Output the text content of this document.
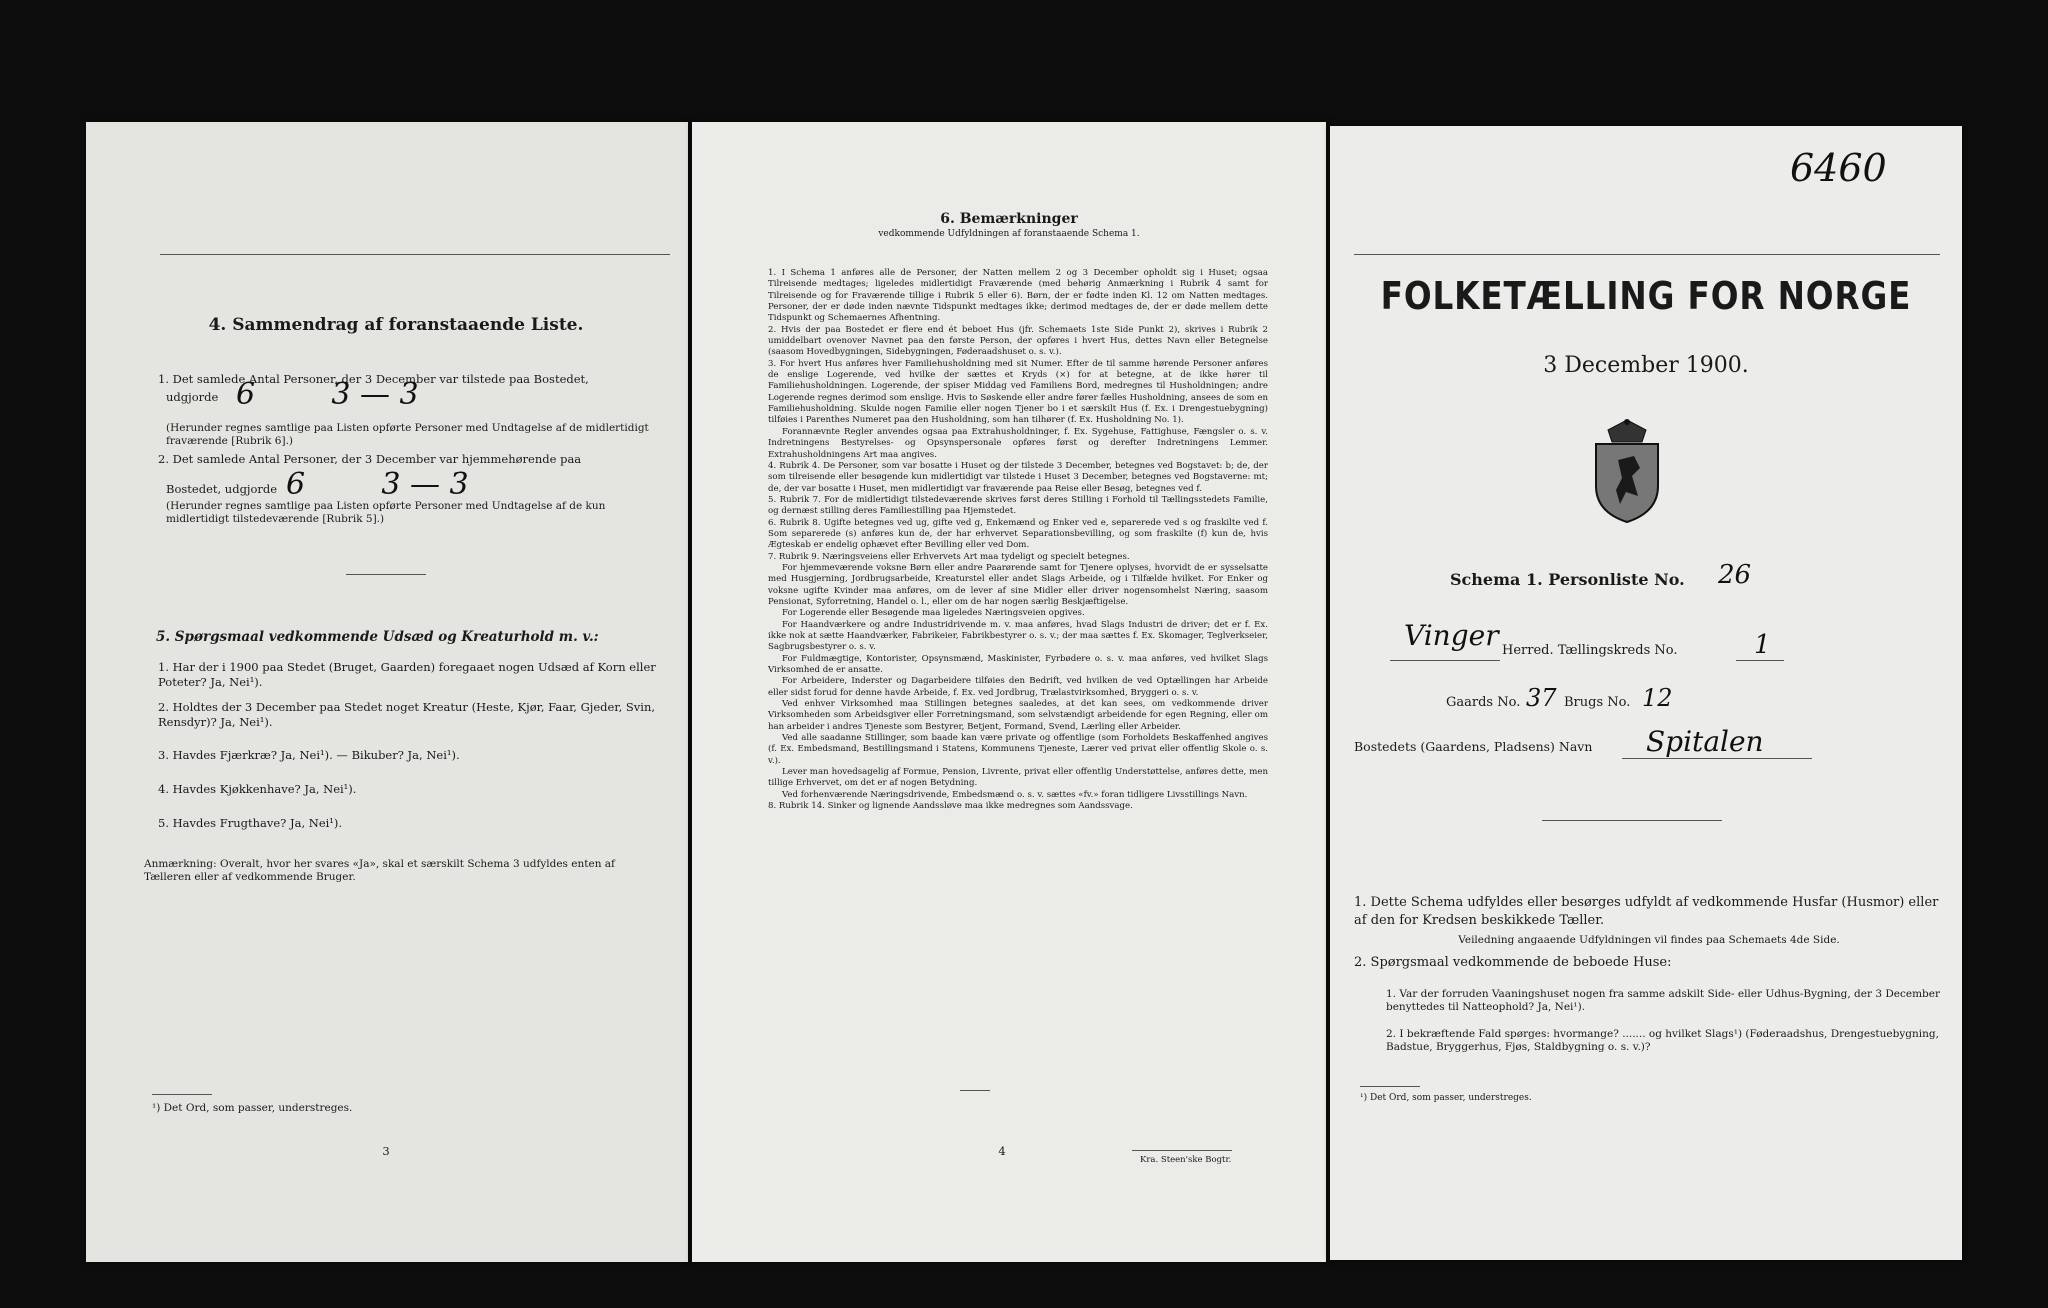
4. Sammendrag af foranstaaende Liste.
1. Det samlede Antal Personer, der 3 December var tilstede paa Bostedet,
udgjorde 6        3 — 3
(Herunder regnes samtlige paa Listen opførte Personer med Undtagelse af de midlertidigt fraværende [Rubrik 6].)
2. Det samlede Antal Personer, der 3 December var hjemmehørende paa
Bostedet, udgjorde 6        3 — 3
(Herunder regnes samtlige paa Listen opførte Personer med Undtagelse af de kun midlertidigt tilstedeværende [Rubrik 5].)
5. Spørgsmaal vedkommende Udsæd og Kreaturhold m. v.:
1. Har der i 1900 paa Stedet (Bruget, Gaarden) foregaaet nogen Udsæd af Korn eller Poteter? Ja, Nei¹).
2. Holdtes der 3 December paa Stedet noget Kreatur (Heste, Kjør, Faar, Gjeder, Svin, Rensdyr)? Ja, Nei¹).
3. Havdes Fjærkræ? Ja, Nei¹). — Bikuber? Ja, Nei¹).
4. Havdes Kjøkkenhave? Ja, Nei¹).
5. Havdes Frugthave? Ja, Nei¹).
Anmærkning: Overalt, hvor her svares «Ja», skal et særskilt Schema 3 udfyldes enten af Tælleren eller af vedkommende Bruger.
¹) Det Ord, som passer, understreges.
3
6. Bemærkninger
vedkommende Udfyldningen af foranstaaende Schema 1.

1. I Schema 1 anføres alle de Personer, der Natten mellem 2 og 3 December opholdt sig i Huset; ogsaa Tilreisende medtages; ligeledes midlertidigt Fraværende (med behørig Anmærkning i Rubrik 4 samt for Tilreisende og for Fraværende tillige i Rubrik 5 eller 6). Børn, der er fødte inden Kl. 12 om Natten medtages. Personer, der er døde inden nævnte Tidspunkt medtages ikke; derimod medtages de, der er døde mellem dette Tidspunkt og Schemaernes Afhentning.

2. Hvis der paa Bostedet er flere end ét beboet Hus (jfr. Schemaets 1ste Side Punkt 2), skrives i Rubrik 2 umiddelbart ovenover Navnet paa den første Person, der opføres i hvert Hus, dettes Navn eller Betegnelse (saasom Hovedbygningen, Sidebygningen, Føderaadshuset o. s. v.).

3. For hvert Hus anføres hver Familiehusholdning med sit Numer. Efter de til samme hørende Personer anføres de enslige Logerende, ved hvilke der sættes et Kryds (×) for at betegne, at de ikke hører til Familiehusholdningen. Logerende, der spiser Middag ved Familiens Bord, medregnes til Husholdningen; andre Logerende regnes derimod som enslige. Hvis to Søskende eller andre fører fælles Husholdning, ansees de som en Familiehusholdning. Skulde nogen Familie eller nogen Tjener bo i et særskilt Hus (f. Ex. i Drengestuebygning) tilføies i Parenthes Numeret paa den Husholdning, som han tilhører (f. Ex. Husholdning No. 1).

Forannævnte Regler anvendes ogsaa paa Extrahusholdninger, f. Ex. Sygehuse, Fattighuse, Fængsler o. s. v. Indretningens Bestyrelses- og Opsynspersonale opføres først og derefter Indretningens Lemmer. Extrahusholdningens Art maa angives.

4. Rubrik 4. De Personer, som var bosatte i Huset og der tilstede 3 December, betegnes ved Bogstavet: b; de, der som tilreisende eller besøgende kun midlertidigt var tilstede i Huset 3 December, betegnes ved Bogstaverne: mt; de, der var bosatte i Huset, men midlertidigt var fraværende paa Reise eller Besøg, betegnes ved f.

5. Rubrik 7. For de midlertidigt tilstedeværende skrives først deres Stilling i Forhold til Tællingsstedets Familie, og dernæst stilling deres Familiestilling paa Hjemstedet.

6. Rubrik 8. Ugifte betegnes ved ug, gifte ved g, Enkemænd og Enker ved e, separerede ved s og fraskilte ved f. Som separerede (s) anføres kun de, der har erhvervet Separationsbevilling, og som fraskilte (f) kun de, hvis Ægteskab er endelig ophævet efter Bevilling eller ved Dom.

7. Rubrik 9. Næringsveiens eller Erhvervets Art maa tydeligt og specielt betegnes.

For hjemmeværende voksne Børn eller andre Paarørende samt for Tjenere oplyses, hvorvidt de er sysselsatte med Husgjerning, Jordbrugsarbeide, Kreaturstel eller andet Slags Arbeide, og i Tilfælde hvilket. For Enker og voksne ugifte Kvinder maa anføres, om de lever af sine Midler eller driver nogensomhelst Næring, saasom Pensionat, Syforretning, Handel o. l., eller om de har nogen særlig Beskjæftigelse.

For Logerende eller Besøgende maa ligeledes Næringsveien opgives.

For Haandværkere og andre Industridrivende m. v. maa anføres, hvad Slags Industri de driver; det er f. Ex. ikke nok at sætte Haandværker, Fabrikeier, Fabrikbestyrer o. s. v.; der maa sættes f. Ex. Skomager, Teglverkseier, Sagbrugsbestyrer o. s. v.

For Fuldmægtige, Kontorister, Opsynsmænd, Maskinister, Fyrbødere o. s. v. maa anføres, ved hvilket Slags Virksomhed de er ansatte.

For Arbeidere, Inderster og Dagarbeidere tilføies den Bedrift, ved hvilken de ved Optællingen har Arbeide eller sidst forud for denne havde Arbeide, f. Ex. ved Jordbrug, Trælastvirksomhed, Bryggeri o. s. v.

Ved enhver Virksomhed maa Stillingen betegnes saaledes, at det kan sees, om vedkommende driver Virksomheden som Arbeidsgiver eller Forretningsmand, som selvstændigt arbeidende for egen Regning, eller om han arbeider i andres Tjeneste som Bestyrer, Betjent, Formand, Svend, Lærling eller Arbeider.

Ved alle saadanne Stillinger, som baade kan være private og offentlige (som Forholdets Beskaffenhed angives (f. Ex. Embedsmand, Bestillingsmand i Statens, Kommunens Tjeneste, Lærer ved privat eller offentlig Skole o. s. v.).

Lever man hovedsagelig af Formue, Pension, Livrente, privat eller offentlig Understøttelse, anføres dette, men tillige Erhvervet, om det er af nogen Betydning.

Ved forhenværende Næringsdrivende, Embedsmænd o. s. v. sættes «fv.» foran tidligere Livsstillings Navn.

8. Rubrik 14. Sinker og lignende Aandssløve maa ikke medregnes som Aandssvage.

4
Kra. Steen'ske Bogtr.
6460
FOLKETÆLLING FOR NORGE
3 December 1900.
Schema 1. Personliste No. 26
Vinger Herred. Tællingskreds No.	1
Gaards No. 37 Brugs No. 12
Bostedets (Gaardens, Pladsens) Navn Spitalen
1. Dette Schema udfyldes eller besørges udfyldt af vedkommende Husfar (Husmor) eller af den for Kredsen beskikkede Tæller.
Veiledning angaaende Udfyldningen vil findes paa Schemaets 4de Side.
2. Spørgsmaal vedkommende de beboede Huse:
1. Var der forruden Vaaningshuset nogen fra samme adskilt Side- eller Udhus-Bygning, der 3 December benyttedes til Natteophold? Ja, Nei¹).
2. I bekræftende Fald spørges: hvormange? ....... og hvilket Slags¹) (Føderaadshus, Drengestuebygning, Badstue, Bryggerhus, Fjøs, Staldbygning o. s. v.)?
¹) Det Ord, som passer, understreges.
